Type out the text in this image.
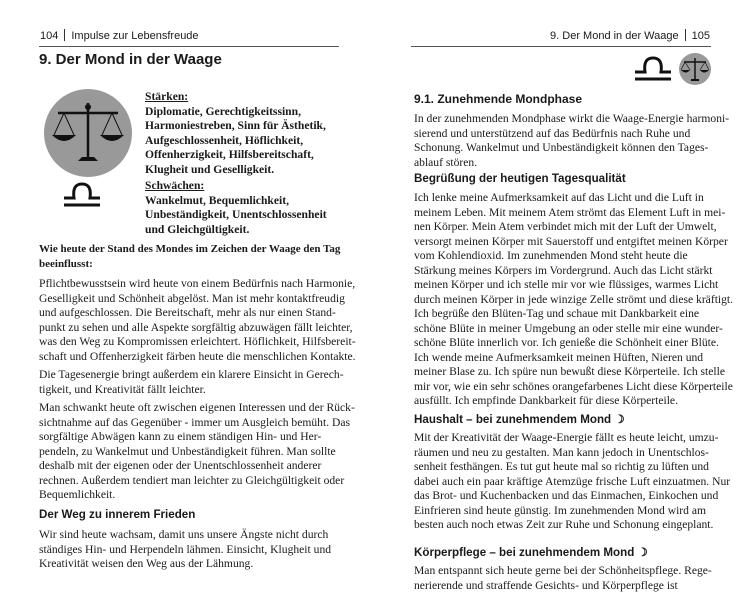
104 Impulse zur Lebensfreude
9. Der Mond in der Waage
Stärken:
Diplomatie, Gerechtigkeitssinn,
Harmoniestreben, Sinn für Ästhetik,
Aufgeschlossenheit, Höflichkeit,
Offenherzigkeit, Hilfsbereitschaft,
Klugheit und Geselligkeit.
Schwächen:
Wankelmut, Bequemlichkeit,
Unbeständigkeit, Unentschlossenheit
und Gleichgültigkeit.
Wie heute der Stand des Mondes im Zeichen der Waage den Tag
beeinflusst:
Pflichtbewusstsein wird heute von einem Bedürfnis nach Harmonie,
Geselligkeit und Schönheit abgelöst. Man ist mehr kontaktfreudig
und aufgeschlossen. Die Bereitschaft, mehr als nur einen Stand-
punkt zu sehen und alle Aspekte sorgfältig abzuwägen fällt leichter,
was den Weg zu Kompromissen erleichtert. Höflichkeit, Hilfsbereit-
schaft und Offenherzigkeit färben heute die menschlichen Kontakte.
Die Tagesenergie bringt außerdem ein klarere Einsicht in Gerech-
tigkeit, und Kreativität fällt leichter.
Man schwankt heute oft zwischen eigenen Interessen und der Rück-
sichtnahme auf das Gegenüber - immer um Ausgleich bemüht. Das
sorgfältige Abwägen kann zu einem ständigen Hin- und Her-
pendeln, zu Wankelmut und Unbeständigkeit führen. Man sollte
deshalb mit der eigenen oder der Unentschlossenheit anderer
rechnen. Außerdem tendiert man leichter zu Gleichgültigkeit oder
Bequemlichkeit.
Der Weg zu innerem Frieden
Wir sind heute wachsam, damit uns unsere Ängste nicht durch
ständiges Hin- und Herpendeln lähmen. Einsicht, Klugheit und
Kreativität weisen den Weg aus der Lähmung.
9. Der Mond in der Waage 105
9.1. Zunehmende Mondphase
In der zunehmenden Mondphase wirkt die Waage-Energie harmoni-
sierend und unterstützend auf das Bedürfnis nach Ruhe und
Schonung. Wankelmut und Unbeständigkeit können den Tages-
ablauf stören.
Begrüßung der heutigen Tagesqualität
Ich lenke meine Aufmerksamkeit auf das Licht und die Luft in
meinem Leben. Mit meinem Atem strömt das Element Luft in mei-
nen Körper. Mein Atem verbindet mich mit der Luft der Umwelt,
versorgt meinen Körper mit Sauerstoff und entgiftet meinen Körper
vom Kohlendioxid. Im zunehmenden Mond steht heute die
Stärkung meines Körpers im Vordergrund. Auch das Licht stärkt
meinen Körper und ich stelle mir vor wie flüssiges, warmes Licht
durch meinen Körper in jede winzige Zelle strömt und diese kräftigt.
Ich begrüße den Blüten-Tag und schaue mit Dankbarkeit eine
schöne Blüte in meiner Umgebung an oder stelle mir eine wunder-
schöne Blüte innerlich vor. Ich genieße die Schönheit einer Blüte.
Ich wende meine Aufmerksamkeit meinen Hüften, Nieren und
meiner Blase zu. Ich spüre nun bewußt diese Körperteile. Ich stelle
mir vor, wie ein sehr schönes orangefarbenes Licht diese Körperteile
ausfüllt. Ich empfinde Dankbarkeit für diese Körperteile.
Haushalt – bei zunehmendem Mond ☽
Mit der Kreativität der Waage-Energie fällt es heute leicht, umzu-
räumen und neu zu gestalten. Man kann jedoch in Unentschlos-
senheit festhängen. Es tut gut heute mal so richtig zu lüften und
dabei auch ein paar kräftige Atemzüge frische Luft einzuatmen. Nur
das Brot- und Kuchenbacken und das Einmachen, Einkochen und
Einfrieren sind heute günstig. Im zunehmenden Mond wird am
besten auch noch etwas Zeit zur Ruhe und Schonung eingeplant.
Körperpflege – bei zunehmendem Mond ☽
Man entspannt sich heute gerne bei der Schönheitspflege. Rege-
nerierende und straffende Gesichts- und Körperpflege ist
